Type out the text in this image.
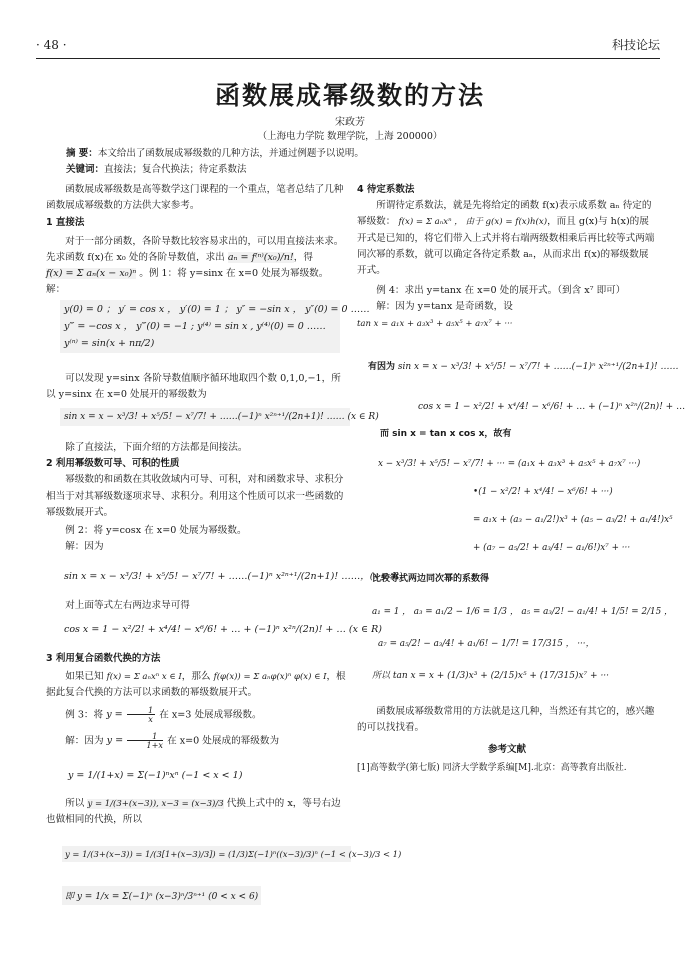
· 48 ·	科技论坛
函数展成幂级数的方法
宋政芳
（上海电力学院 数理学院，上海 200000）
摘 要：本文给出了函数展成幂级数的几种方法，并通过例题予以说明。
关键词：直接法；复合代换法；待定系数法

函数展成幂级数是高等数学这门课程的一个重点，笔者总结了几种函数展成幂级数的方法供大家参考。

1 直接法

对于一部分函数，各阶导数比较容易求出的，可以用直接法来求。先求函数 f(x)在 x₀ 处的各阶导数值，求出 aₙ = f⁽ⁿ⁾(x₀)/n!，得 f(x) = Σ aₙ(x − x₀)ⁿ 。例 1：将 y=sinx 在 x=0 处展为幂级数。

解：

y(0) = 0 ； y′ = cos x ， y′(0) = 1 ； y″ = −sin x ， y″(0) = 0 ……
y‴ = −cos x ， y‴(0) = −1 ; y⁽⁴⁾ = sin x , y⁽⁴⁾(0) = 0 ……
y⁽ⁿ⁾ = sin(x + nπ/2)

可以发现 y=sinx 各阶导数值顺序循环地取四个数 0,1,0,−1，所以 y=sinx 在 x=0 处展开的幂级数为

sin x = x − x³/3! + x⁵/5! − x⁷/7! + ……(−1)ⁿ x²ⁿ⁺¹/(2n+1)! …… (x ∈ R)

除了直接法，下面介绍的方法都是间接法。

2 利用幂级数可导、可积的性质

幂级数的和函数在其收敛域内可导、可积，对和函数求导、求积分相当于对其幂级数逐项求导、求积分。利用这个性质可以求一些函数的幂级数展开式。

例 2：将 y=cosx 在 x=0 处展为幂级数。

解：因为

sin x = x − x³/3! + x⁵/5! − x⁷/7! + ……(−1)ⁿ x²ⁿ⁺¹/(2n+1)! ……，(x ∈ R)

对上面等式左右两边求导可得

cos x = 1 − x²/2! + x⁴/4! − x⁶/6! + … + (−1)ⁿ x²ⁿ/(2n)! + … (x ∈ R)

3 利用复合函数代换的方法

如果已知 f(x) = Σ aₙxⁿ x ∈ I，那么 f(φ(x)) = Σ aₙφ(x)ⁿ φ(x) ∈ I，根据此复合代换的方法可以求函数的幂级数展开式。

例 3：将 $y = \frac{1}{x}$ 在 x=3 处展成幂级数。

解：因为 $y = \frac{1}{1+x}$ 在 x=0 处展成的幂级数为

y = 1/(1+x) = Σ(−1)ⁿxⁿ (−1 < x < 1)

所以 y = 1/(3+(x−3)), x−3 = (x−3)/3 代换上式中的 x，等号右边也做相同的代换，所以

y = 1/(3+(x−3)) = 1/(3[1+(x−3)/3]) = (1/3)Σ(−1)ⁿ((x−3)/3)ⁿ (−1 < (x−3)/3 < 1)
即 y = 1/x = Σ(−1)ⁿ (x−3)ⁿ/3ⁿ⁺¹ (0 < x < 6)

4 待定系数法

所谓待定系数法，就是先将给定的函数 f(x)表示成系数 aₙ 待定的幂级数： f(x) = Σ aₙxⁿ ， 由于 g(x) = f(x)h(x)，而且 g(x)与 h(x)的展开式是已知的，将它们带入上式并将右端两级数相乘后再比较等式两端同次幂的系数，就可以确定各待定系数 aₙ，从而求出 f(x)的幂级数展开式。

例 4：求出 y=tanx 在 x=0 处的展开式。（到含 x⁷ 即可）

解：因为 y=tanx 是奇函数，设 tan x = a₁x + a₃x³ + a₅x⁵ + a₇x⁷ + ···

有因为 sin x = x − x³/3! + x⁵/5! − x⁷/7! + ……(−1)ⁿ x²ⁿ⁺¹/(2n+1)! ……
cos x = 1 − x²/2! + x⁴/4! − x⁶/6! + … + (−1)ⁿ x²ⁿ/(2n)! + …
而 sin x = tan x cos x，故有
x − x³/3! + x⁵/5! − x⁷/7! + ··· = (a₁x + a₃x³ + a₅x⁵ + a₇x⁷ ···)
•(1 − x²/2! + x⁴/4! − x⁶/6! + ···)
= a₁x + (a₃ − a₁/2!)x³ + (a₅ − a₃/2! + a₁/4!)x⁵
+ (a₇ − a₅/2! + a₃/4! − a₁/6!)x⁷ + ···
比较等式两边同次幂的系数得
a₁ = 1 ， a₃ = a₁/2 − 1/6 = 1/3 ， a₅ = a₃/2! − a₁/4! + 1/5! = 2/15 ，
a₇ = a₅/2! − a₃/4! + a₁/6! − 1/7! = 17/315 ， ···，
所以 tan x = x + (1/3)x³ + (2/15)x⁵ + (17/315)x⁷ + ···

函数展成幂级数常用的方法就是这几种，当然还有其它的，感兴趣的可以找找看。

参考文献

[1]高等数学(第七版) 同济大学数学系编[M].北京：高等教育出版社.
